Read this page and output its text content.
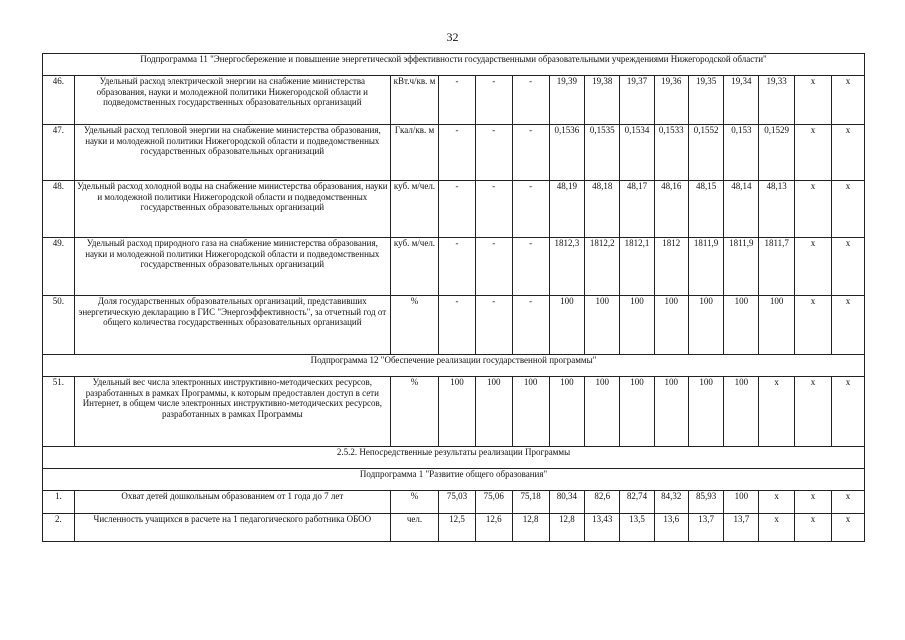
32
Подпрограмма 11 "Энергосбережение и повышение энергетической эффективности государственными образовательными учреждениями Нижегородской области"														
46.	Удельный расход электрической энергии на снабжение министерства образования, науки и молодежной политики Нижегородской области и подведомственных государственных образовательных организаций	кВт.ч/кв. м	-	-	-	19,39	19,38	19,37	19,36	19,35	19,34	19,33	x	x
47.	Удельный расход тепловой энергии на снабжение министерства образования, науки и молодежной политики Нижегородской области и подведомственных государственных образовательных организаций	Гкал/кв. м	-	-	-	0,1536	0,1535	0,1534	0,1533	0,1552	0,153	0,1529	x	x
48.	Удельный расход холодной воды на снабжение министерства образования, науки и молодежной политики Нижегородской области и подведомственных государственных образовательных организаций	куб. м/чел.	-	-	-	48,19	48,18	48,17	48,16	48,15	48,14	48,13	x	x
49.	Удельный расход природного газа на снабжение министерства образования, науки и молодежной политики Нижегородской области и подведомственных государственных образовательных организаций	куб. м/чел.	-	-	-	1812,3	1812,2	1812,1	1812	1811,9	1811,9	1811,7	x	x
50.	Доля государственных образовательных организаций, представивших энергетическую декларацию в ГИС "Энергоэффективность", за отчетный год от общего количества государственных образовательных организаций	%	-	-	-	100	100	100	100	100	100	100	x	x
Подпрограмма 12 "Обеспечение реализации государственной программы"														
51.	Удельный вес числа электронных инструктивно-методических ресурсов, разработанных в рамках Программы, к которым предоставлен доступ в сети Интернет, в общем числе электронных инструктивно-методических ресурсов, разработанных в рамках Программы	%	100	100	100	100	100	100	100	100	100	x	x	x
2.5.2. Непосредственные результаты реализации Программы														
Подпрограмма 1 "Развитие общего образования"														
1.	Охват детей дошкольным образованием от 1 года до 7 лет	%	75,03	75,06	75,18	80,34	82,6	82,74	84,32	85,93	100	x	x	x
2.	Численность учащихся в расчете на 1 педагогического работника ОБОО	чел.	12,5	12,6	12,8	12,8	13,43	13,5	13,6	13,7	13,7	x	x	x
